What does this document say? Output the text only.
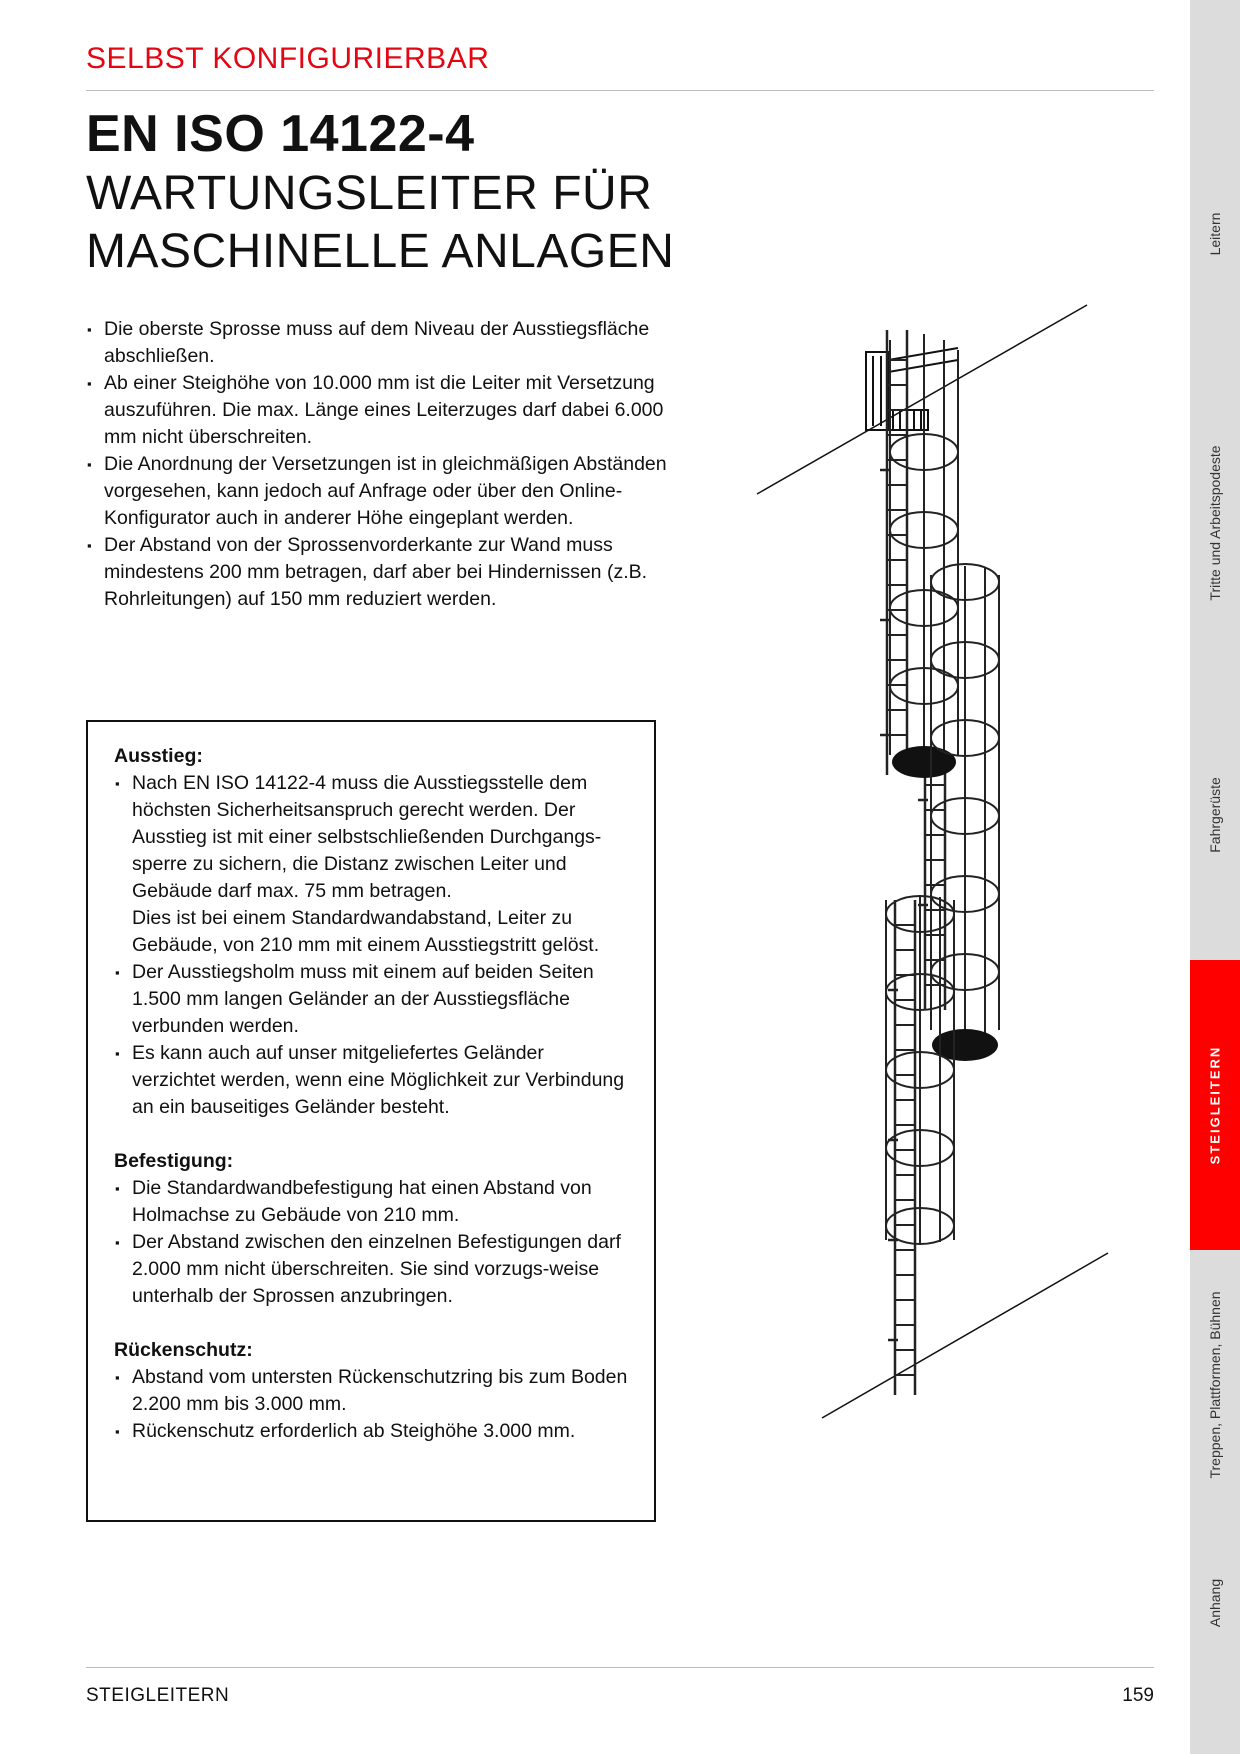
SELBST KONFIGURIERBAR
EN ISO 14122-4
WARTUNGSLEITER FÜR
MASCHINELLE ANLAGEN
▪ Die oberste Sprosse muss auf dem Niveau der Ausstiegsfläche abschließen.
▪ Ab einer Steighöhe von 10.000 mm ist die Leiter mit Versetzung auszuführen. Die max. Länge eines Leiterzuges darf dabei 6.000 mm nicht überschreiten.
▪ Die Anordnung der Versetzungen ist in gleichmäßigen Abständen vorgesehen, kann jedoch auf Anfrage oder über den Online-Konfigurator auch in anderer Höhe eingeplant werden.
▪ Der Abstand von der Sprossenvorderkante zur Wand muss mindestens 200 mm betragen, darf aber bei Hindernissen (z.B. Rohrleitungen) auf 150 mm reduziert werden.
Ausstieg:
▪ Nach EN ISO 14122-4 muss die Ausstiegsstelle dem höchsten Sicherheitsanspruch gerecht werden. Der Ausstieg ist mit einer selbstschließenden Durchgangs-sperre zu sichern, die Distanz zwischen Leiter und Gebäude darf max. 75 mm betragen.
Dies ist bei einem Standardwandabstand, Leiter zu Gebäude, von 210 mm mit einem Ausstiegstritt gelöst.
▪ Der Ausstiegsholm muss mit einem auf beiden Seiten 1.500 mm langen Geländer an der Ausstiegsfläche verbunden werden.
▪ Es kann auch auf unser mitgeliefertes Geländer verzichtet werden, wenn eine Möglichkeit zur Verbindung an ein bauseitiges Geländer besteht.
Befestigung:
▪ Die Standardwandbefestigung hat einen Abstand von Holmachse zu Gebäude von 210 mm.
▪ Der Abstand zwischen den einzelnen Befestigungen darf 2.000 mm nicht überschreiten. Sie sind vorzugs-weise unterhalb der Sprossen anzubringen.
Rückenschutz:
▪ Abstand vom untersten Rückenschutzring bis zum Boden 2.200 mm bis 3.000 mm.
▪ Rückenschutz erforderlich ab Steighöhe 3.000 mm.
Leitern
Tritte und Arbeitspodeste
Fahrgerüste
STEIGLEITERN
Treppen, Plattformen, Bühnen
Anhang
STEIGLEITERN	159
